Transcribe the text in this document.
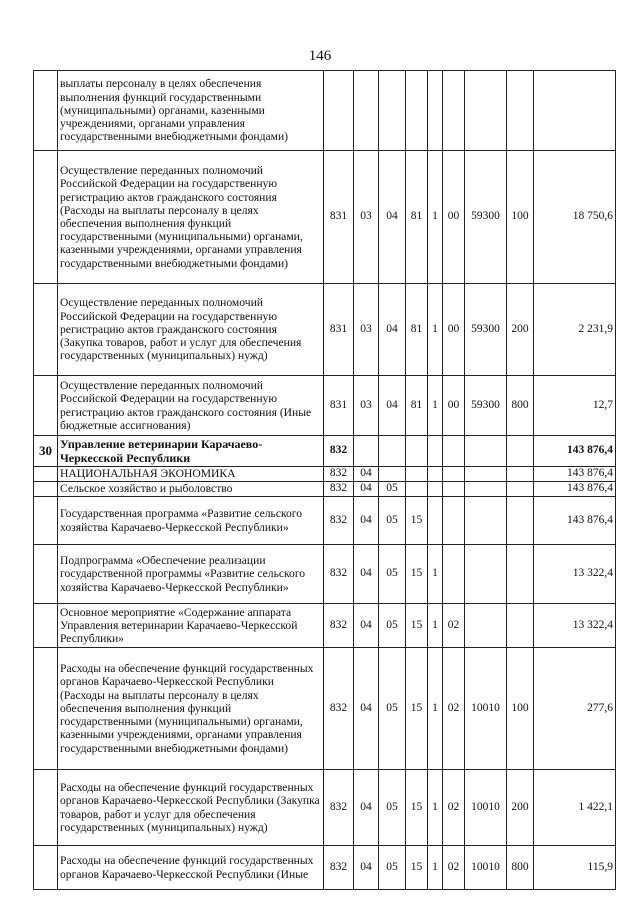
146
	выплаты персоналу в целях обеспечения выполнения функций государственными (муниципальными) органами, казенными учреждениями, органами управления государственными внебюджетными фондами)									
	Осуществление переданных полномочий Российской Федерации на государственную регистрацию актов гражданского состояния (Расходы на выплаты персоналу в целях обеспечения выполнения функций государственными (муниципальными) органами, казенными учреждениями, органами управления государственными внебюджетными фондами)	831	03	04	81	1	00	59300	100	18 750,6
	Осуществление переданных полномочий Российской Федерации на государственную регистрацию актов гражданского состояния (Закупка товаров, работ и услуг для обеспечения государственных (муниципальных) нужд)	831	03	04	81	1	00	59300	200	2 231,9
	Осуществление переданных полномочий Российской Федерации на государственную регистрацию актов гражданского состояния (Иные бюджетные ассигнования)	831	03	04	81	1	00	59300	800	12,7
30	Управление ветеринарии Карачаево-Черкесской Республики	832								143 876,4
	НАЦИОНАЛЬНАЯ ЭКОНОМИКА	832	04							143 876,4
	Сельское хозяйство и рыболовство	832	04	05						143 876,4
	Государственная программа «Развитие сельского хозяйства Карачаево-Черкесской Республики»	832	04	05	15					143 876,4
	Подпрограмма «Обеспечение реализации государственной программы «Развитие сельского хозяйства Карачаево-Черкесской Республики»	832	04	05	15	1				13 322,4
	Основное мероприятие «Содержание аппарата Управления ветеринарии Карачаево-Черкесской Республики»	832	04	05	15	1	02			13 322,4
	Расходы на обеспечение функций государственных органов Карачаево-Черкесской Республики (Расходы на выплаты персоналу в целях обеспечения выполнения функций государственными (муниципальными) органами, казенными учреждениями, органами управления государственными внебюджетными фондами)	832	04	05	15	1	02	10010	100	277,6
	Расходы на обеспечение функций государственных органов Карачаево-Черкесской Республики (Закупка товаров, работ и услуг для обеспечения государственных (муниципальных) нужд)	832	04	05	15	1	02	10010	200	1 422,1
	Расходы на обеспечение функций государственных органов Карачаево-Черкесской Республики (Иные	832	04	05	15	1	02	10010	800	115,9
